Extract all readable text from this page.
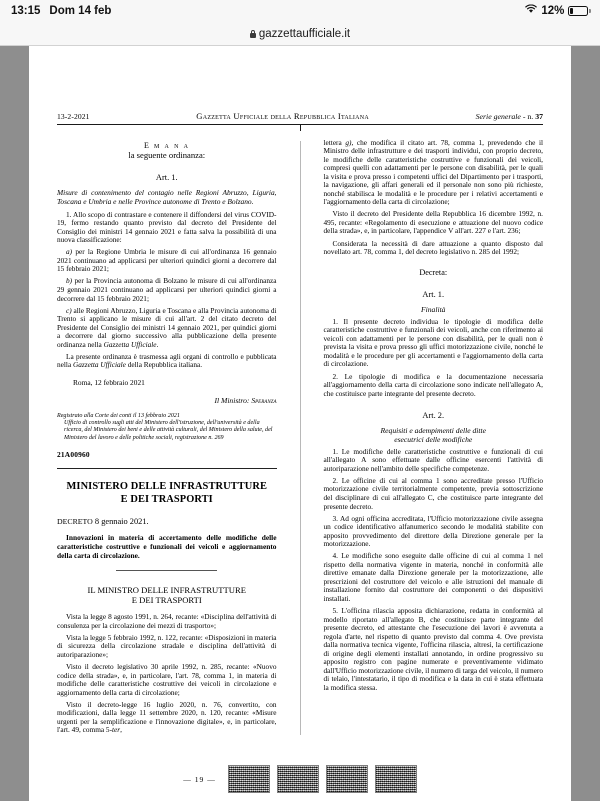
13:15 Dom 14 feb	12%
gazzettaufficiale.it
13-2-2021	Gazzetta Ufficiale della Repubblica Italiana	Serie generale - n. 37
E m a n a
la seguente ordinanza:
Art. 1.

Misure di contenimento del contagio nelle Regioni Abruzzo, Liguria, Toscana e Umbria e nelle Province autonome di Trento e Bolzano.

1. Allo scopo di contrastare e contenere il diffondersi del virus COVID-19, fermo restando quanto previsto dal decreto del Presidente del Consiglio dei ministri 14 gennaio 2021 e fatta salva la possibilità di una nuova classificazione:

a) per la Regione Umbria le misure di cui all'ordinanza 16 gennaio 2021 continuano ad applicarsi per ulteriori quindici giorni a decorrere dal 15 febbraio 2021;

b) per la Provincia autonoma di Bolzano le misure di cui all'ordinanza 29 gennaio 2021 continuano ad applicarsi per ulteriori quindici giorni a decorrere dal 15 febbraio 2021;

c) alle Regioni Abruzzo, Liguria e Toscana e alla Provincia autonoma di Trento si applicano le misure di cui all'art. 2 del citato decreto del Presidente del Consiglio dei ministri 14 gennaio 2021, per quindici giorni a decorrere dal giorno successivo alla pubblicazione della presente ordinanza nella Gazzetta Ufficiale.

La presente ordinanza è trasmessa agli organi di controllo e pubblicata nella Gazzetta Ufficiale della Repubblica italiana.

Roma, 12 febbraio 2021

Il Ministro: Speranza

Registrato alla Corte dei conti il 13 febbraio 2021
Ufficio di controllo sugli atti del Ministero dell'istruzione, dell'università e della ricerca, del Ministero dei beni e delle attività culturali, del Ministero della salute, del Ministero del lavoro e delle politiche sociali, registrazione n. 269
21A00960
MINISTERO DELLE INFRASTRUTTURE
E DEI TRASPORTI

DECRETO 8 gennaio 2021.

Innovazioni in materia di accertamento delle modifiche delle caratteristiche costruttive e funzionali dei veicoli e aggiornamento della carta di circolazione.

IL MINISTRO DELLE INFRASTRUTTURE
E DEI TRASPORTI

Vista la legge 8 agosto 1991, n. 264, recante: «Disciplina dell'attività di consulenza per la circolazione dei mezzi di trasporto»;

Vista la legge 5 febbraio 1992, n. 122, recante: «Disposizioni in materia di sicurezza della circolazione stradale e disciplina dell'attività di autoriparazione»;

Visto il decreto legislativo 30 aprile 1992, n. 285, recante: «Nuovo codice della strada», e, in particolare, l'art. 78, comma 1, in materia di modifiche delle caratteristiche costruttive dei veicoli in circolazione e aggiornamento della carta di circolazione;

Visto il decreto-legge 16 luglio 2020, n. 76, convertito, con modificazioni, dalla legge 11 settembre 2020, n. 120, recante: «Misure urgenti per la semplificazione e l'innovazione digitale», e, in particolare, l'art. 49, comma 5-ter,

lettera g), che modifica il citato art. 78, comma 1, prevedendo che il Ministro delle infrastrutture e dei trasporti individui, con proprio decreto, le modifiche delle caratteristiche costruttive e funzionali dei veicoli, compresi quelli con adattamenti per le persone con disabilità, per le quali la visita e prova presso i competenti uffici del Dipartimento per i trasporti, la navigazione, gli affari generali ed il personale non sono più richieste, nonché stabilisca le modalità e le procedure per i relativi accertamenti e l'aggiornamento della carta di circolazione;

Visto il decreto del Presidente della Repubblica 16 dicembre 1992, n. 495, recante: «Regolamento di esecuzione e attuazione del nuovo codice della strada», e, in particolare, l'appendice V all'art. 227 e l'art. 236;

Considerata la necessità di dare attuazione a quanto disposto dal novellato art. 78, comma 1, del decreto legislativo n. 285 del 1992;

Decreta:
Art. 1.
Finalità

1. Il presente decreto individua le tipologie di modifica delle caratteristiche costruttive e funzionali dei veicoli, anche con riferimento ai veicoli con adattamenti per le persone con disabilità, per le quali non è prevista la visita e prova presso gli uffici motorizzazione civile, nonché le modalità e le procedure per gli accertamenti e l'aggiornamento della carta di circolazione.

2. Le tipologie di modifica e la documentazione necessaria all'aggiornamento della carta di circolazione sono indicate nell'allegato A, che costituisce parte integrante del presente decreto.

Art. 2.
Requisiti e adempimenti delle ditte
esecutrici delle modifiche

1. Le modifiche delle caratteristiche costruttive e funzionali di cui all'allegato A sono effettuate dalle officine esercenti l'attività di autoriparazione nell'ambito delle specifiche competenze.

2. Le officine di cui al comma 1 sono accreditate presso l'Ufficio motorizzazione civile territorialmente competente, previa sottoscrizione del disciplinare di cui all'allegato C, che costituisce parte integrante del presente decreto.

3. Ad ogni officina accreditata, l'Ufficio motorizzazione civile assegna un codice identificativo alfanumerico secondo le modalità stabilite con apposito provvedimento del direttore della Direzione generale per la motorizzazione.

4. Le modifiche sono eseguite dalle officine di cui al comma 1 nel rispetto della normativa vigente in materia, nonché in conformità alle direttive emanate dalla Direzione generale per la motorizzazione, alle prescrizioni del costruttore del veicolo e alle istruzioni del manuale di installazione fornito dal costruttore dei componenti o dei dispositivi installati.

5. L'officina rilascia apposita dichiarazione, redatta in conformità al modello riportato all'allegato B, che costituisce parte integrante del presente decreto, ed attestante che l'esecuzione dei lavori è avvenuta a regola d'arte, nel rispetto di quanto previsto dal comma 4. Ove prevista dalla normativa tecnica vigente, l'officina rilascia, altresì, la certificazione di origine degli elementi installati annotando, in ordine progressivo su apposito registro con pagine numerate e preventivamente vidimato dall'Ufficio motorizzazione civile, il numero di targa del veicolo, il numero di telaio, l'intestatario, il tipo di modifica e la data in cui è stata effettuata la modifica stessa.

— 19 —
